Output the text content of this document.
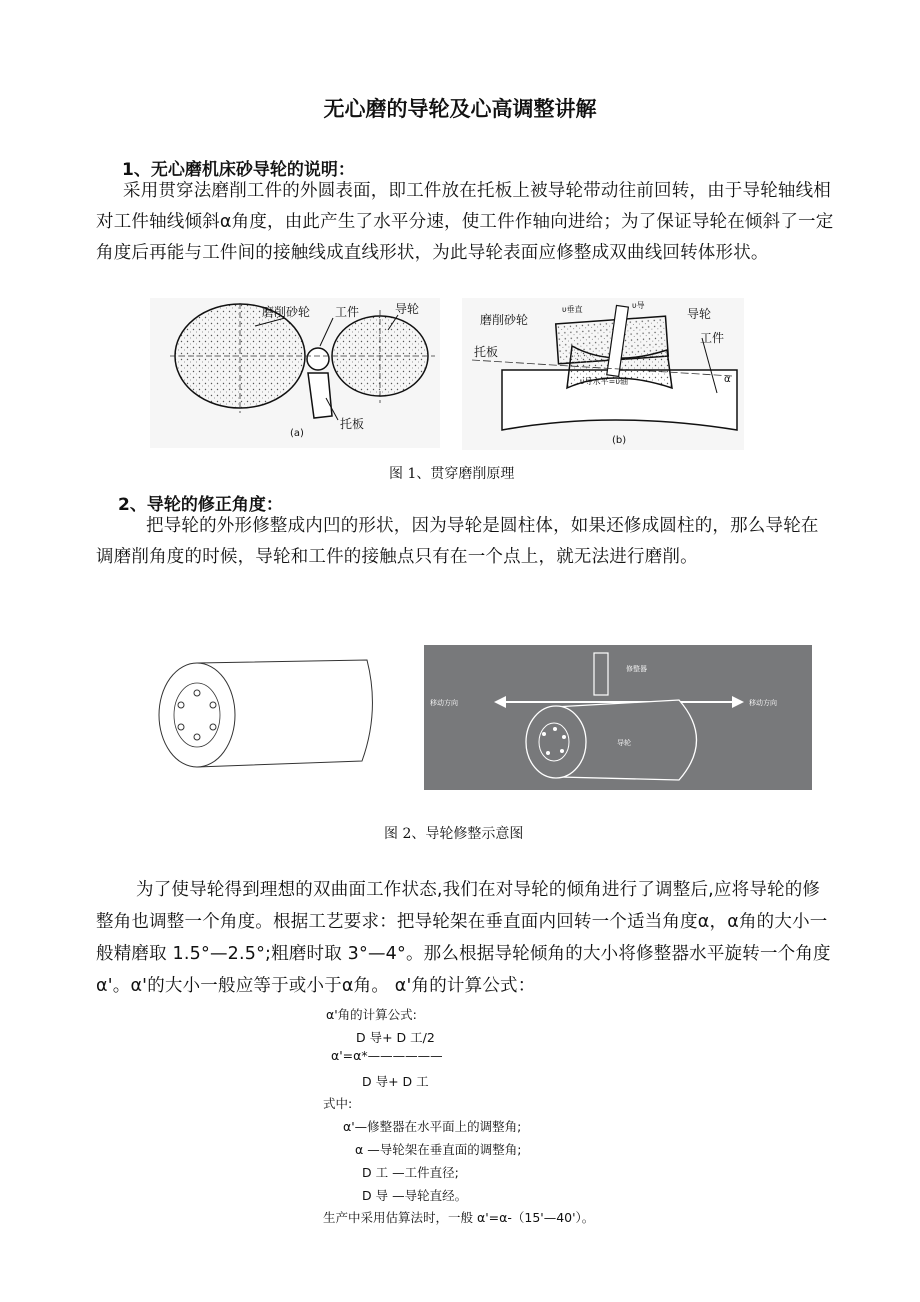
无心磨的导轮及心高调整讲解
1、无心磨机床砂导轮的说明：
采用贯穿法磨削工件的外圆表面，即工件放在托板上被导轮带动往前回转，由于导轮轴线相对工件轴线倾斜α角度，由此产生了水平分速，使工件作轴向进给；为了保证导轮在倾斜了一定角度后再能与工件间的接触线成直线形状，为此导轮表面应修整成双曲线回转体形状。
磨削砂轮 工件	导轮
托板
(a)
磨削砂轮	导轮
工件
托板
υ垂直	υ导
υ导水平=υ轴	α
(b)
图 1、贯穿磨削原理
2、导轮的修正角度：
把导轮的外形修整成内凹的形状，因为导轮是圆柱体，如果还修成圆柱的，那么导轮在调磨削角度的时候，导轮和工件的接触点只有在一个点上，就无法进行磨削。
修整器
移动方向	移动方向
导轮
图 2、导轮修整示意图
为了使导轮得到理想的双曲面工作状态,我们在对导轮的倾角进行了调整后,应将导轮的修整角也调整一个角度。根据工艺要求：把导轮架在垂直面内回转一个适当角度α，α角的大小一般精磨取 1.5°—2.5°;粗磨时取 3°—4°。那么根据导轮倾角的大小将修整器水平旋转一个角度α'。α'的大小一般应等于或小于α角。 α'角的计算公式：
α'角的计算公式:
D 导+ D 工/2
α'=α*——————
D 导+ D 工
式中:
α'—修整器在水平面上的调整角;
α —导轮架在垂直面的调整角;
D 工 —工件直径;
D 导 —导轮直经。
生产中采用估算法时，一般 α'=α-（15'—40'）。
